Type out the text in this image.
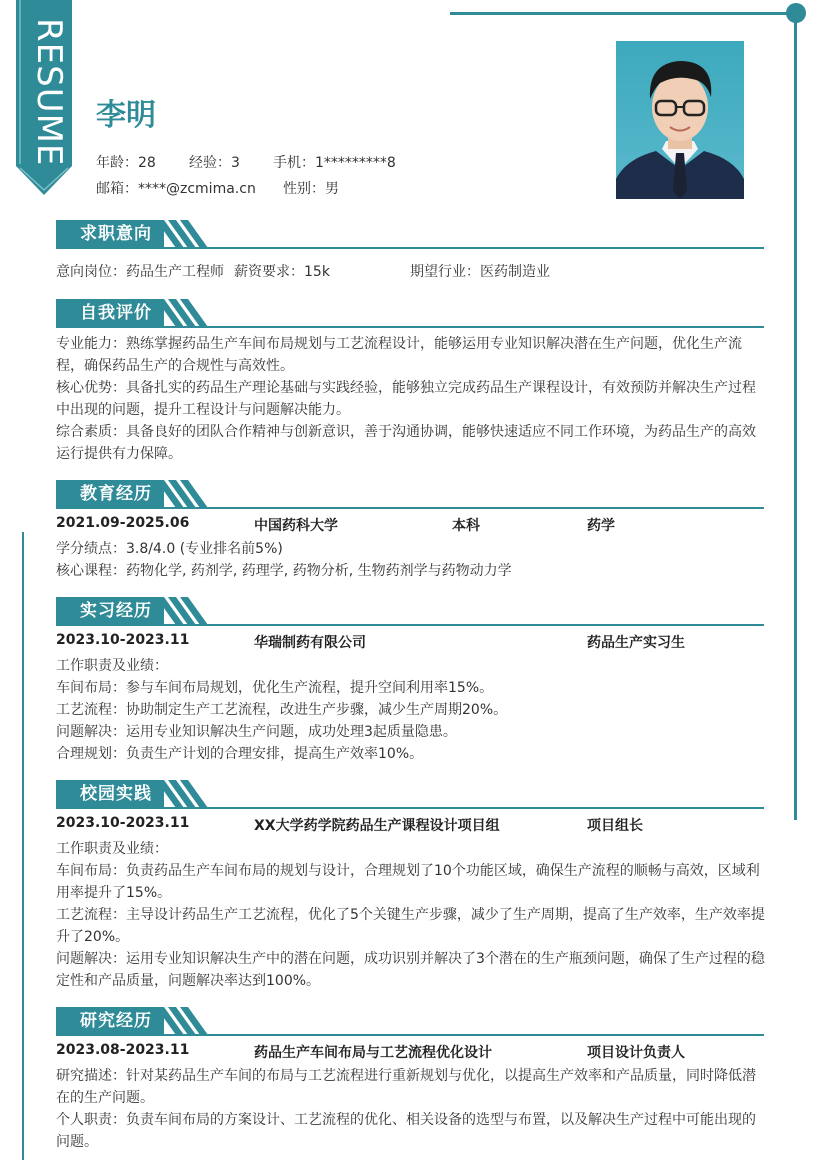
RESUME 李明
年龄：28 经验：3 手机：1*********8
邮箱：****@zcmima.cn 性别：男
求职意向
意向岗位：药品生产工程师 薪资要求：15k	期望行业：医药制造业
自我评价

专业能力：熟练掌握药品生产车间布局规划与工艺流程设计，能够运用专业知识解决潜在生产问题，优化生产流程，确保药品生产的合规性与高效性。

核心优势：具备扎实的药品生产理论基础与实践经验，能够独立完成药品生产课程设计，有效预防并解决生产过程中出现的问题，提升工程设计与问题解决能力。

综合素质：具备良好的团队合作精神与创新意识，善于沟通协调，能够快速适应不同工作环境，为药品生产的高效运行提供有力保障。

教育经历
2021.09-2025.06	中国药科大学	本科	药学

学分绩点：3.8/4.0 (专业排名前5%)

核心课程：药物化学, 药剂学, 药理学, 药物分析, 生物药剂学与药物动力学

实习经历
2023.10-2023.11	华瑞制药有限公司	药品生产实习生

工作职责及业绩：

车间布局：参与车间布局规划，优化生产流程，提升空间利用率15%。

工艺流程：协助制定生产工艺流程，改进生产步骤，减少生产周期20%。

问题解决：运用专业知识解决生产问题，成功处理3起质量隐患。

合理规划：负责生产计划的合理安排，提高生产效率10%。

校园实践
2023.10-2023.11	XX大学药学院药品生产课程设计项目组	项目组长

工作职责及业绩：

车间布局：负责药品生产车间布局的规划与设计，合理规划了10个功能区域，确保生产流程的顺畅与高效，区域利用率提升了15%。

工艺流程：主导设计药品生产工艺流程，优化了5个关键生产步骤，减少了生产周期，提高了生产效率，生产效率提升了20%。

问题解决：运用专业知识解决生产中的潜在问题，成功识别并解决了3个潜在的生产瓶颈问题，确保了生产过程的稳定性和产品质量，问题解决率达到100%。

研究经历
2023.08-2023.11	药品生产车间布局与工艺流程优化设计	项目设计负责人

研究描述：针对某药品生产车间的布局与工艺流程进行重新规划与优化，以提高生产效率和产品质量，同时降低潜在的生产问题。

个人职责：负责车间布局的方案设计、工艺流程的优化、相关设备的选型与布置，以及解决生产过程中可能出现的问题。
